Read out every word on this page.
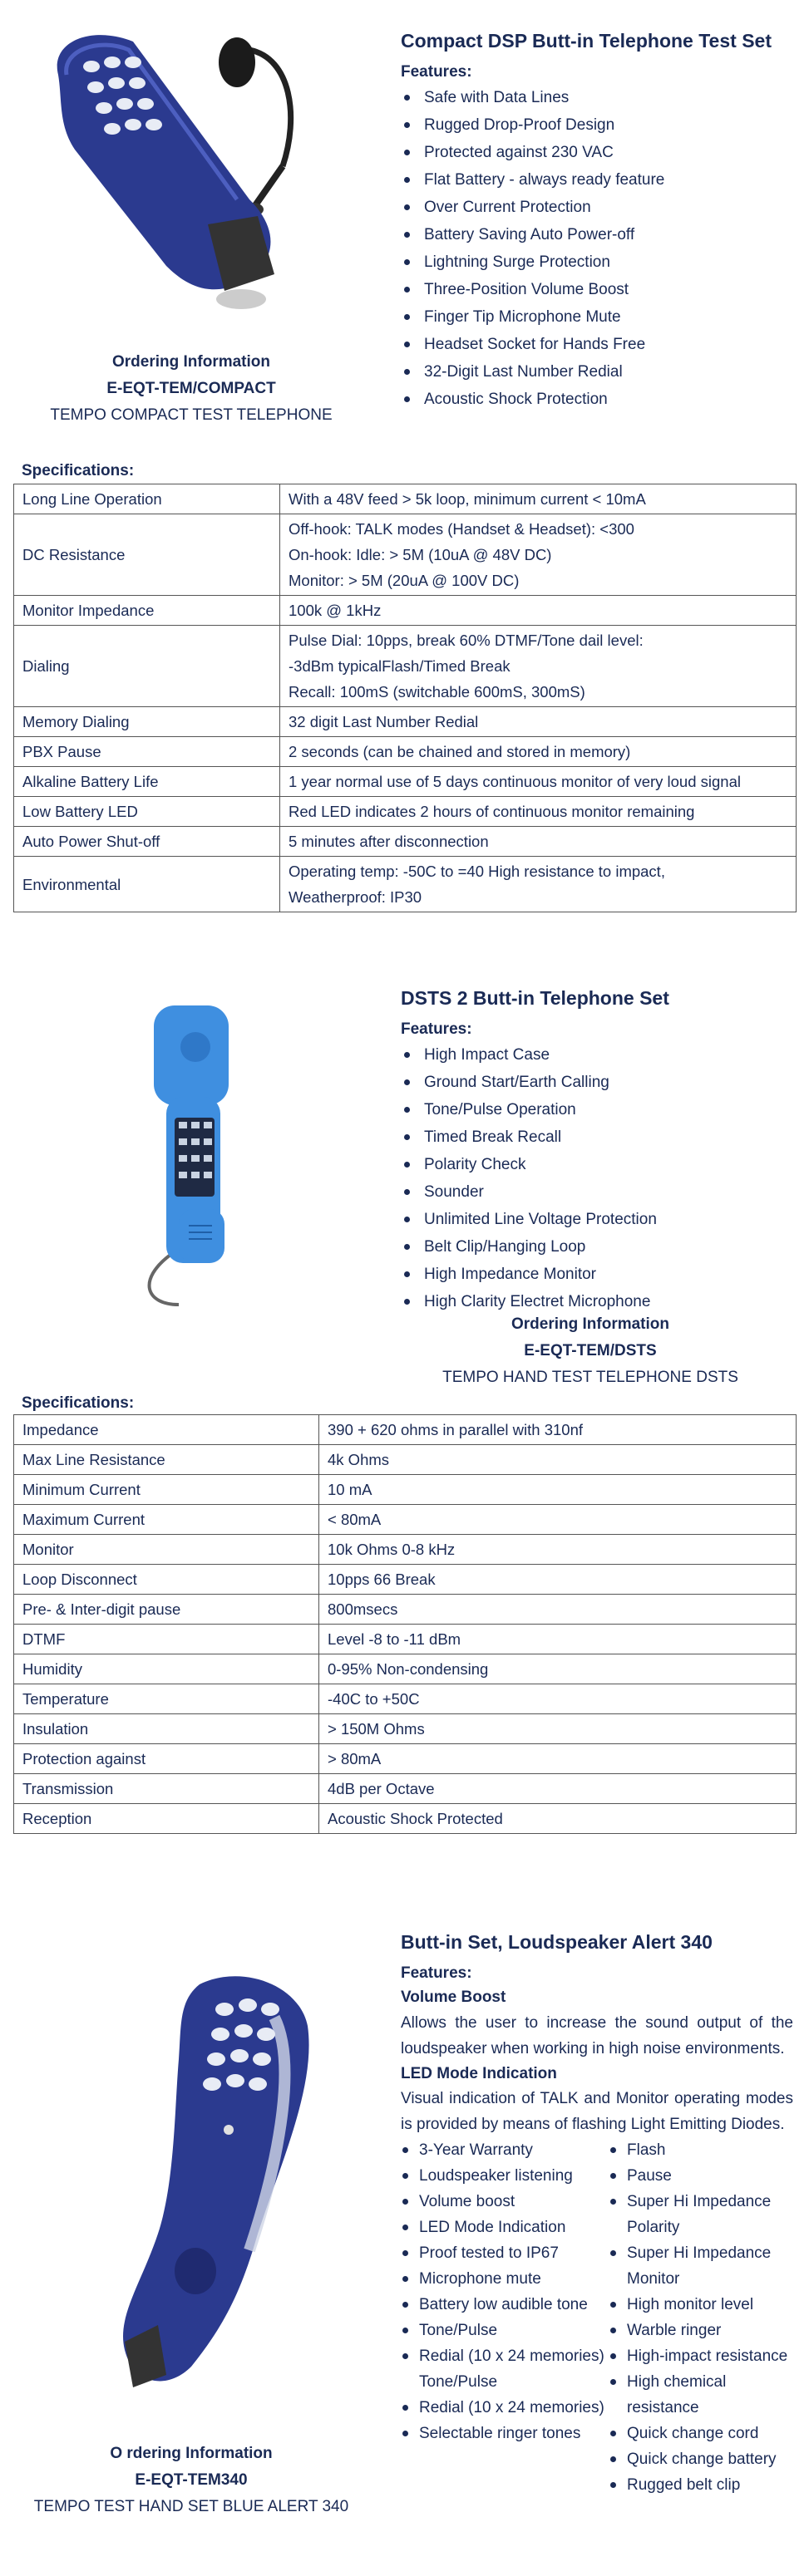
Ordering Information
E-EQT-TEM/COMPACT
TEMPO COMPACT TEST TELEPHONE
Compact DSP Butt-in Telephone Test Set
Features:
Safe with Data Lines
Rugged Drop-Proof Design
Protected against 230 VAC
Flat Battery - always ready feature
Over Current Protection
Battery Saving Auto Power-off
Lightning Surge Protection
Three-Position Volume Boost
Finger Tip Microphone Mute
Headset Socket for Hands Free
32-Digit Last Number Redial
Acoustic Shock Protection
Specifications:
Long Line Operation	With a 48V feed > 5k loop, minimum current < 10mA

DC Resistance	Off-hook: TALK modes (Handset & Headset): <300
On-hook: Idle: > 5M (10uA @ 48V DC)
Monitor: > 5M (20uA @ 100V DC)

Monitor Impedance	100k @ 1kHz

Dialing	Pulse Dial: 10pps, break 60% DTMF/Tone dail level:
-3dBm typicalFlash/Timed Break
Recall: 100mS (switchable 600mS, 300mS)

Memory Dialing	32 digit Last Number Redial

PBX Pause	2 seconds (can be chained and stored in memory)

Alkaline Battery Life	1 year normal use of 5 days continuous monitor of very loud signal

Low Battery LED	Red LED indicates 2 hours of continuous monitor remaining

Auto Power Shut-off	5 minutes after disconnection

Environmental	Operating temp: -50C to =40 High resistance to impact,
Weatherproof: IP30
DSTS 2 Butt-in Telephone Set
Features:
High Impact Case
Ground Start/Earth Calling
Tone/Pulse Operation
Timed Break Recall
Polarity Check
Sounder
Unlimited Line Voltage Protection
Belt Clip/Hanging Loop
High Impedance Monitor
High Clarity Electret Microphone
Ordering Information
E-EQT-TEM/DSTS
TEMPO HAND TEST TELEPHONE DSTS
Specifications:
Impedance	390 + 620 ohms in parallel with 310nf
Max Line Resistance	4k Ohms
Minimum Current	10 mA
Maximum Current	< 80mA
Monitor	10k Ohms 0-8 kHz
Loop Disconnect	10pps 66 Break
Pre- & Inter-digit pause	800msecs
DTMF	Level -8 to -11 dBm
Humidity	0-95% Non-condensing
Temperature	-40C to +50C
Insulation	> 150M Ohms
Protection against	> 80mA
Transmission	4dB per Octave
Reception	Acoustic Shock Protected
O rdering Information
E-EQT-TEM340
TEMPO TEST HAND SET BLUE ALERT 340
Butt-in Set, Loudspeaker Alert 340
Features:
Volume Boost
Allows the user to increase the sound output of the loudspeaker when working in high noise environments.
LED Mode Indication
Visual indication of TALK and Monitor operating modes is provided by means of flashing Light Emitting Diodes.
3-Year Warranty
Loudspeaker listening
Volume boost
LED Mode Indication
Proof tested to IP67
Microphone mute
Battery low audible tone
Tone/Pulse
Redial (10 x 24 memories) Tone/Pulse
Redial (10 x 24 memories)
Selectable ringer tones
Flash
Pause
Super Hi Impedance Polarity
Super Hi Impedance Monitor
High monitor level
Warble ringer
High-impact resistance
High chemical resistance
Quick change cord
Quick change battery
Rugged belt clip
